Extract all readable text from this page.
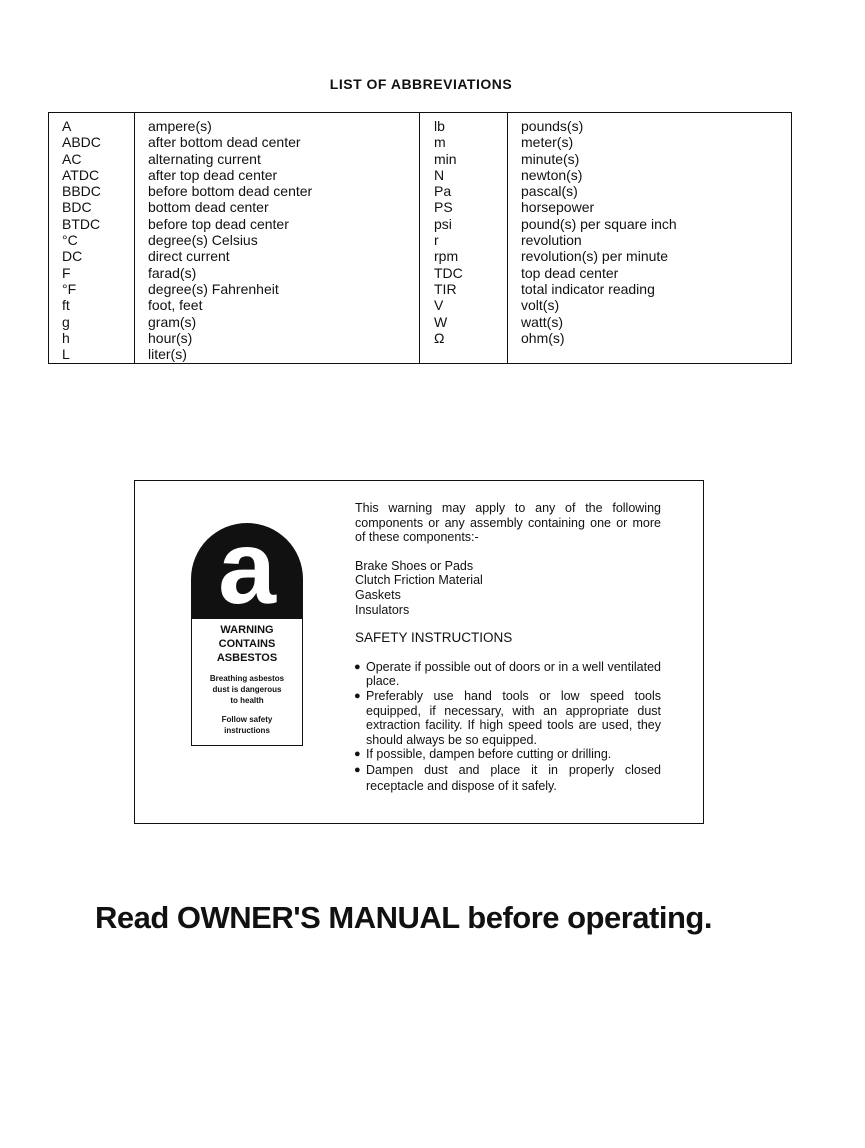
LIST OF ABBREVIATIONS
A
ABDC
AC
ATDC
BBDC
BDC
BTDC
°C
DC
F
°F
ft
g
h
L
ampere(s)
after bottom dead center
alternating current
after top dead center
before bottom dead center
bottom dead center
before top dead center
degree(s) Celsius
direct current
farad(s)
degree(s) Fahrenheit
foot, feet
gram(s)
hour(s)
liter(s)
lb
m
min
N
Pa
PS
psi
r
rpm
TDC
TIR
V
W
Ω
pounds(s)
meter(s)
minute(s)
newton(s)
pascal(s)
horsepower
pound(s) per square inch
revolution
revolution(s) per minute
top dead center
total indicator reading
volt(s)
watt(s)
ohm(s)
a
WARNING
CONTAINS
ASBESTOS
Breathing asbestos
dust is dangerous
to health
Follow safety
instructions
This warning may apply to any of the following components or any assembly containing one or more of these components:-
Brake Shoes or Pads
Clutch Friction Material
Gaskets
Insulators
SAFETY INSTRUCTIONS
● Operate if possible out of doors or in a well ventilated place.
● Preferably use hand tools or low speed tools equipped, if necessary, with an appropriate dust extraction facility. If high speed tools are used, they should always be so equipped.
● If possible, dampen before cutting or drilling.
● Dampen dust and place it in properly closed receptacle and dispose of it safely.
Read OWNER'S MANUAL before operating.
